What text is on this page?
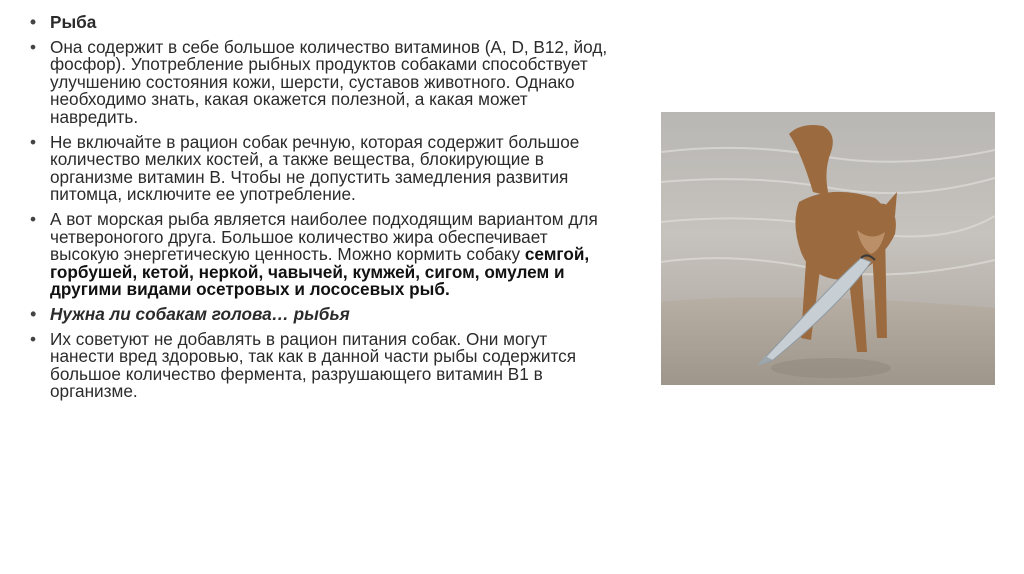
• Рыба
• Она содержит в себе большое количество витаминов (A, D, B12, йод, фосфор). Употребление рыбных продуктов собаками способствует улучшению состояния кожи, шерсти, суставов животного. Однако необходимо знать, какая окажется полезной, а какая может навредить.
• Не включайте в рацион собак речную, которая содержит большое количество мелких костей, а также вещества, блокирующие в организме витамин B. Чтобы не допустить замедления развития питомца, исключите ее употребление.
• А вот морская рыба является наиболее подходящим вариантом для четвероногого друга. Большое количество жира обеспечивает высокую энергетическую ценность. Можно кормить собаку семгой, горбушей, кетой, неркой, чавычей, кумжей, сигом, омулем и другими видами осетровых и лососевых рыб.
• Нужна ли собакам голова… рыбья
• Их советуют не добавлять в рацион питания собак. Они могут нанести вред здоровью, так как в данной части рыбы содержится большое количество фермента, разрушающего витамин B1 в организме.
